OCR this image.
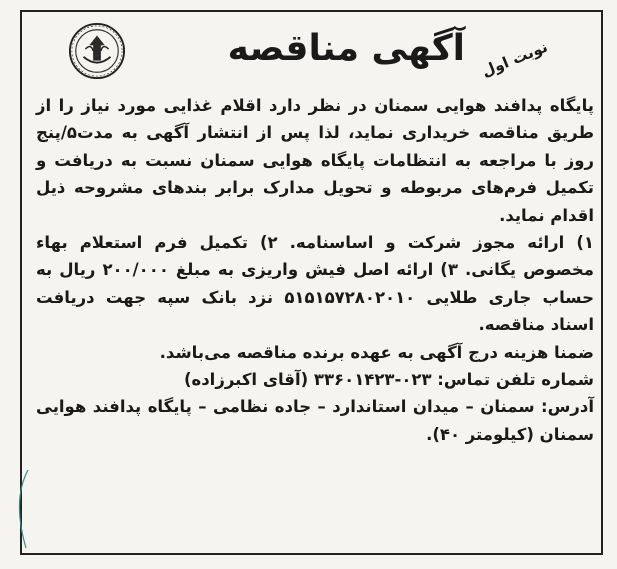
آگهی مناقصه نوبت اول

پایگاه پدافند هوایی سمنان در نظر دارد اقلام غذایی مورد نیاز را از طریق مناقصه خریداری نماید، لذا پس از انتشار آگهی به مدت۵/پنج روز با مراجعه به انتظامات پایگاه هوایی سمنان نسبت به دریافت و تکمیل فرم‌های مربوطه و تحویل مدارک برابر بندهای مشروحه ذیل اقدام نماید.

۱) ارائه مجوز شرکت و اساسنامه. ۲) تکمیل فرم استعلام بهاء مخصوص یگانی. ۳) ارائه اصل فیش واریزی به مبلغ ۲۰۰/۰۰۰ ریال به حساب جاری طلایی ۵۱۵۱۵۷۲۸۰۲۰۱۰ نزد بانک سپه جهت دریافت اسناد مناقصه.

ضمنا هزینه درج آگهی به عهده برنده مناقصه می‌باشد.

شماره تلفن تماس: ۰۲۳-۳۳۶۰۱۴۲۳ (آقای اکبرزاده)

آدرس: سمنان – میدان استاندارد – جاده نظامی – پایگاه پدافند هوایی سمنان (کیلومتر ۴۰).
